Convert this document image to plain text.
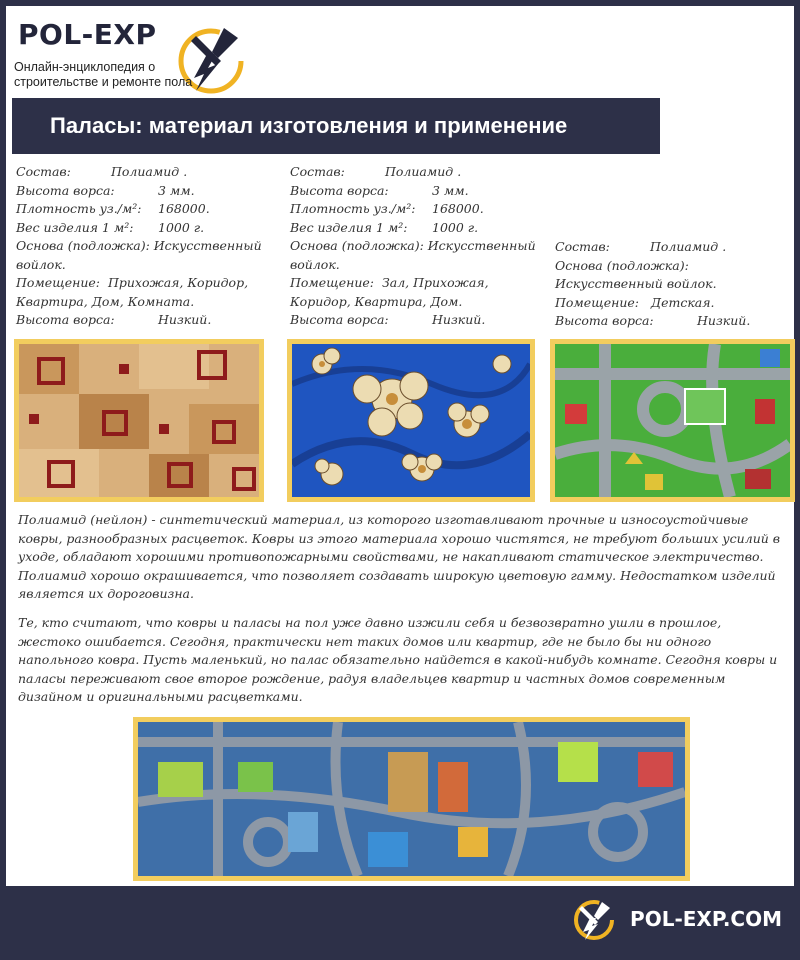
POL-EXP
Онлайн-энциклопедия о
строительстве и ремонте пола
Паласы: материал изготовления и применение
Состав:	Полиамид .
Высота ворса:	3 мм.
Плотность уз./м²:	168000.
Вес изделия 1 м²:	1000 г.
Основа (подложка): Искусственный войлок.
Помещение: Прихожая, Коридор, Квартира, Дом, Комната.
Высота ворса:	Низкий.
Состав:	Полиамид .
Высота ворса:	3 мм.
Плотность уз./м²:	168000.
Вес изделия 1 м²:	1000 г.
Основа (подложка): Искусственный войлок.
Помещение: Зал, Прихожая, Коридор, Квартира, Дом.
Высота ворса:	Низкий.
Состав:	Полиамид .
Основа (подложка):
Искусственный войлок.
Помещение: Детская.
Высота ворса:	Низкий.

Полиамид (нейлон) - синтетический материал, из которого изготавливают прочные и износоустойчивые ковры, разнообразных расцветок. Ковры из этого материала хорошо чистятся, не требуют больших усилий в уходе, обладают хорошими противопожарными свойствами, не накапливают статическое электричество. Полиамид хорошо окрашивается, что позволяет создавать широкую цветовую гамму. Недостатком изделий является их дороговизна.

Те, кто считают, что ковры и паласы на пол уже давно изжили себя и безвозвратно ушли в прошлое, жестоко ошибается. Сегодня, практически нет таких домов или квартир, где не было бы ни одного напольного ковра. Пусть маленький, но палас обязательно найдется в какой-нибудь комнате. Сегодня ковры и паласы переживают свое второе рождение, радуя владельцев квартир и частных домов современным дизайном и оригинальными расцветками.

POL-EXP.COM
